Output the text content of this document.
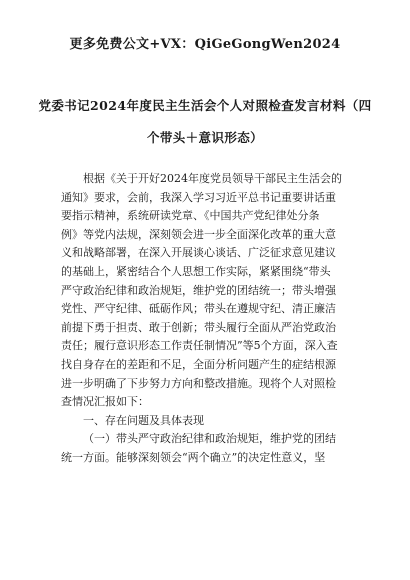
更多免费公文+VX：QiGeGongWen2024
党委书记2024年度民主生活会个人对照检查发言材料（四
个带头＋意识形态）
根据《关于开好2024年度党员领导干部民主生活会的
通知》要求，会前，我深入学习习近平总书记重要讲话重
要指示精神，系统研读党章、《中国共产党纪律处分条
例》等党内法规，深刻领会进一步全面深化改革的重大意
义和战略部署，在深入开展谈心谈话、广泛征求意见建议
的基础上，紧密结合个人思想工作实际，紧紧围绕“带头
严守政治纪律和政治规矩，维护党的团结统一；带头增强
党性、严守纪律、砥砺作风；带头在遵规守纪、清正廉洁
前提下勇于担责、敢于创新；带头履行全面从严治党政治
责任；履行意识形态工作责任制情况”等5个方面，深入查
找自身存在的差距和不足，全面分析问题产生的症结根源
进一步明确了下步努力方向和整改措施。现将个人对照检
查情况汇报如下：
一、存在问题及具体表现
（一）带头严守政治纪律和政治规矩，维护党的团结
统一方面。能够深刻领会“两个确立”的决定性意义，坚
